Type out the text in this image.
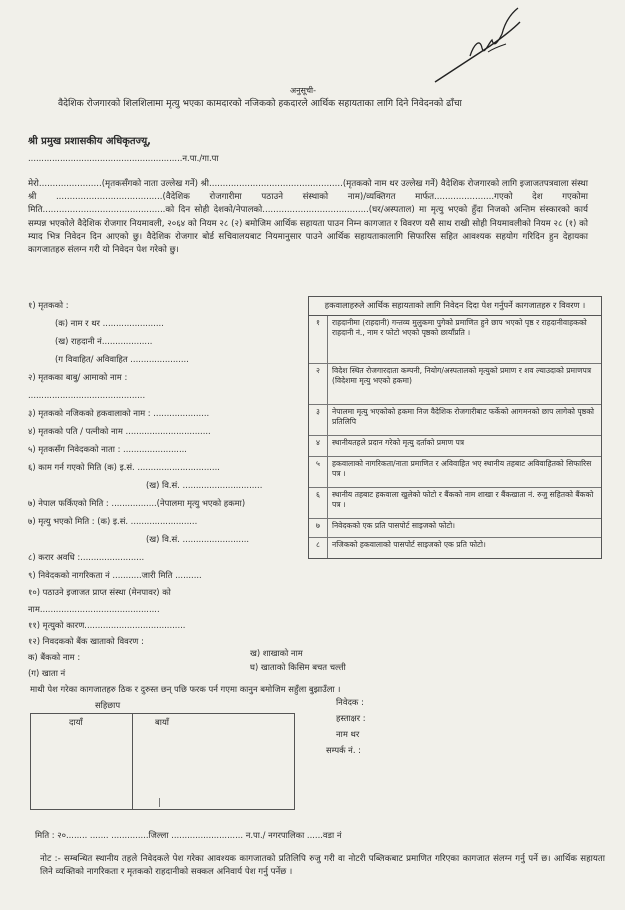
अनुसूची-
वैदेशिक रोजगारको शिलशिलामा मृत्यु भएका कामदारको नजिकको हकदारले आर्थिक सहायताका लागि दिने निवेदनको ढाँचा
श्री प्रमुख प्रशासकीय अधिकृतज्यू,
..........................................................न.पा./गा.पा
मेरो.......................(मृतकसँगको नाता उल्लेख गर्ने) श्री.................................................(मृतकको नाम थर उल्लेख गर्ने) वैदेशिक रोजगारको लागि इजाजतपत्रवाला संस्था श्री .......................................(वैदेशिक रोजगारीमा पठाउने संस्थाको नाम)/व्यक्तिगत मार्फत......................गएको देश गएकोमा मिति.............................................को दिन सोही देशको/नेपालको.......................................(घर/अस्पताल) मा मृत्यु भएको हुँदा निजको अन्तिम संस्कारको कार्य सम्पन्न भएकोले वैदेशिक रोजगार नियमावली, २०६४ को नियम २८ (२) बमोजिम आर्थिक सहायता पाउन निम्न कागजात र विवरण यसै साथ राखी सोही नियमावलीको नियम २८ (१) को म्याद भित्र निवेदन दिन आएको छु। वैदेशिक रोजगार बोर्ड सचिवालयबाट नियमानुसार पाउने आर्थिक सहायताकालागि सिफारिस सहित आवश्यक सहयोग गरिदिन हुन देहायका कागजातहरु संलग्न गरी यो निवेदन पेश गरेको छु।
१) मृतकको :
(क) नाम र थर .......................
(ख) राहदानी नं...................
(ग विवाहित/ अविवाहित ......................
२) मृतकका बाबु/ आमाको नाम :
............................................
३) मृतकको नजिकको हकवालाको नाम : .....................
४) मृतकको पति / पत्नीको नाम ................................
५) मृतकसँग निवेदकको नाता : ........................
६) काम गर्न गएको मिति (क) इ.सं. ...............................
(ख) वि.सं. ..............................
७) नेपाल फर्किएको मिति : .................(नेपालमा मृत्यु भएको हकमा)
७) मृत्यु भएको मिति : (क) इ.सं. .........................
(ख) वि.सं. .........................
८) करार अवधि :........................
९) निवेदकको नागरिकता नं ...........जारी मिति ..........
१०) पठाउने इजाजत प्राप्त संस्था (मेनपावर) को
नाम.............................................
११) मृत्युको कारण......................................
१२) निवदकको बैंक खाताको विवरण :
क) बैंकको नाम :
(ग) खाता नं
ख) शाखाको नाम
घ) खाताको किसिम बचत चल्ती
हकवालाहरुले आर्थिक सहायताको लागि निवेदन दिदा पेश गर्नुपर्ने कागजातहरु र विवरण ।
१	राहदानीमा (राहदानी) गन्तव्य मुलुकमा पुगेको प्रमाणित हुने छाप भएको पृष्ठ र राहदानीवाहकको राहदानी नं., नाम र फोटो भएको पृष्ठको छायाँप्रति ।
२	विदेश स्थित रोजगारदाता कम्पनी, नियोग/अस्पतालको मृत्युको प्रमाण र शव ल्याउदाको प्रमाणपत्र (विदेशमा मृत्यु भएको हकमा)
३	नेपालमा मृत्यु भएकोको हकमा निज वैदेशिक रोजगारीबाट फर्केको आगमनको छाप लागेको पृष्ठको प्रतिलिपि
४	स्थानीयतहले प्रदान गरेको मृत्यु दर्ताको प्रमाण पत्र
५	हकवालाको नागरिकता/नाता प्रमाणित र अविवाहित भए स्थानीय तहबाट अविवाहितको सिफारिस पत्र ।
६	स्थानीय तहबाट हकवाला खुलेको फोटो र बैंकको नाम शाखा र बैंकखाता नं. रुजु सहितको बैंकको पत्र ।
७	निवेदकको एक प्रति पासपोर्ट साइजको फोटो।
८	नजिकको हकवालाको पासपोर्ट साइजको एक प्रति फोटो।
माथी पेश गरेका कागजातहरु ठिक र दुरुस्त छन् पछि फरक पर्न गएमा कानुन बमोजिम सहुँला बुझाउँला ।
निवेदक :
हस्ताक्षर :
नाम थर
सम्पर्क नं. :
सहिछाप
दायाँ	बायाँ
मिति : २०........ ....... ..............जिल्ला ........................... न.पा./ नगरपालिका ......वडा नं
नोट :- सम्बन्धित स्थानीय तहले निवेदकले पेश गरेका आवश्यक कागजातको प्रतिलिपि रुजु गरी वा नोटरी पब्लिकबाट प्रमाणित गरिएका कागजात संलग्न गर्नु पर्ने छ। आर्थिक सहायता लिने व्यक्तिको नागरिकता र मृतकको राहदानीको सक्कल अनिवार्य पेश गर्नु पर्नेछ ।
